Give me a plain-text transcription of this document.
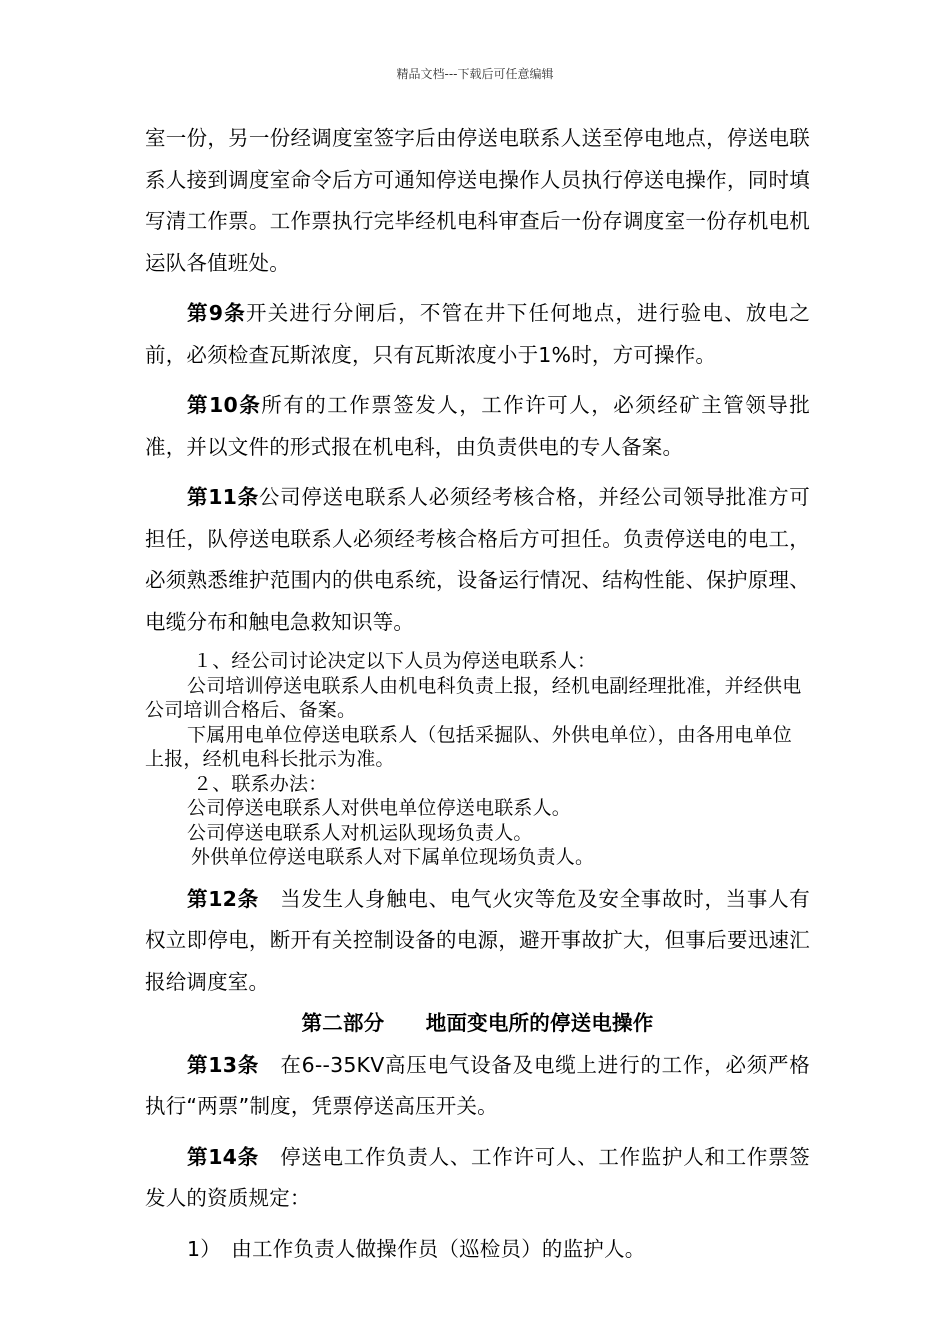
精品文档---下载后可任意编辑

室一份，另一份经调度室签字后由停送电联系人送至停电地点，停送电联系人接到调度室命令后方可通知停送电操作人员执行停送电操作，同时填写清工作票。工作票执行完毕经机电科审查后一份存调度室一份存机电机运队各值班处。

第9条开关进行分闸后，不管在井下任何地点，进行验电、放电之前，必须检查瓦斯浓度，只有瓦斯浓度小于1%时，方可操作。

第10条所有的工作票签发人，工作许可人，必须经矿主管领导批准，并以文件的形式报在机电科，由负责供电的专人备案。

第11条公司停送电联系人必须经考核合格，并经公司领导批准方可担任，队停送电联系人必须经考核合格后方可担任。负责停送电的电工，必须熟悉维护范围内的供电系统，设备运行情况、结构性能、保护原理、电缆分布和触电急救知识等。

１、经公司讨论决定以下人员为停送电联系人：

公司培训停送电联系人由机电科负责上报，经机电副经理批准，并经供电公司培训合格后、备案。

下属用电单位停送电联系人（包括采掘队、外供电单位），由各用电单位上报，经机电科长批示为准。

２、联系办法：

公司停送电联系人对供电单位停送电联系人。

公司停送电联系人对机运队现场负责人。

外供单位停送电联系人对下属单位现场负责人。

第12条　当发生人身触电、电气火灾等危及安全事故时，当事人有权立即停电，断开有关控制设备的电源，避开事故扩大，但事后要迅速汇报给调度室。

第二部分　　地面变电所的停送电操作

第13条　在6--35KV高压电气设备及电缆上进行的工作，必须严格执行“两票”制度，凭票停送高压开关。

第14条　停送电工作负责人、工作许可人、工作监护人和工作票签发人的资质规定：

1）　由工作负责人做操作员（巡检员）的监护人。
